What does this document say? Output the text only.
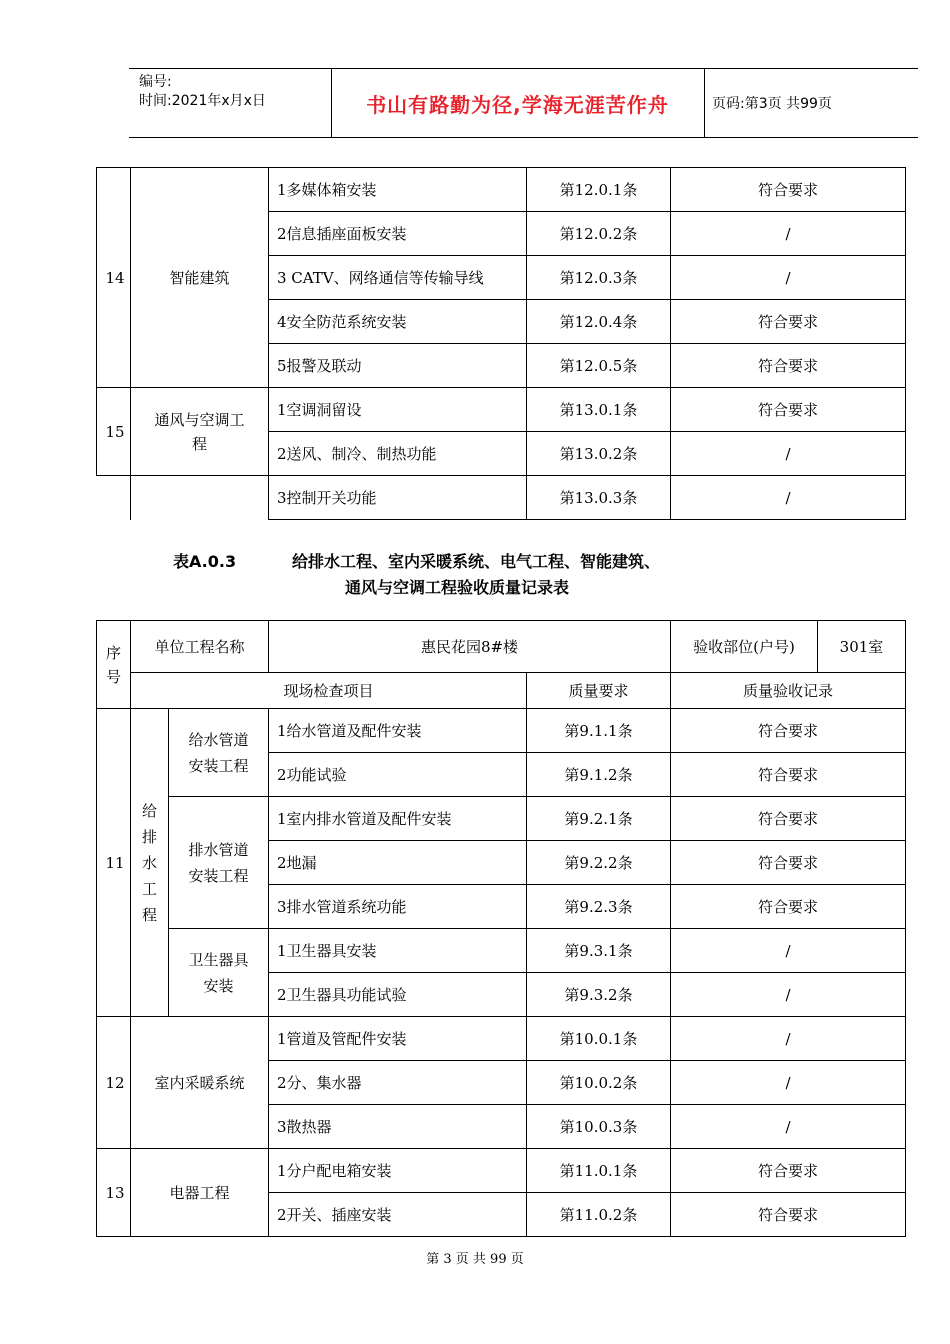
编号:
时间:2021年x月x日	书山有路勤为径,学海无涯苦作舟	页码:第3页 共99页
14	智能建筑	1多媒体箱安装	第12.0.1条	符合要求
		2信息插座面板安装	第12.0.2条	/
		3 CATV、网络通信等传输导线	第12.0.3条	/
		4安全防范系统安装	第12.0.4条	符合要求
		5报警及联动	第12.0.5条	符合要求
15	通风与空调工程	1空调洞留设	第13.0.1条	符合要求
		2送风、制冷、制热功能	第13.0.2条	/
		3控制开关功能	第13.0.3条	/
表A.0.3	给排水工程、室内采暖系统、电气工程、智能建筑、
通风与空调工程验收质量记录表
序号	单位工程名称		惠民花园8#楼		验收部位(户号)	301室
	现场检查项目			质量要求	质量验收记录	
11	给排水工程	给水管道安装工程	1给水管道及配件安装	第9.1.1条	符合要求	
			2功能试验	第9.1.2条	符合要求	

		排水管道安装工程	1室内排水管道及配件安装	第9.2.1条	符合要求	
			2地漏	第9.2.2条	符合要求	
			3排水管道系统功能	第9.2.3条	符合要求	

		卫生器具安装	1卫生器具安装	第9.3.1条	/	
			2卫生器具功能试验	第9.3.2条	/	
12	室内采暖系统		1管道及管配件安装	第10.0.1条	/	
			2分、集水器	第10.0.2条	/	
			3散热器	第10.0.3条	/	
13	电器工程		1分户配电箱安装	第11.0.1条	符合要求	
			2开关、插座安装	第11.0.2条	符合要求	
第 3 页 共 99 页
